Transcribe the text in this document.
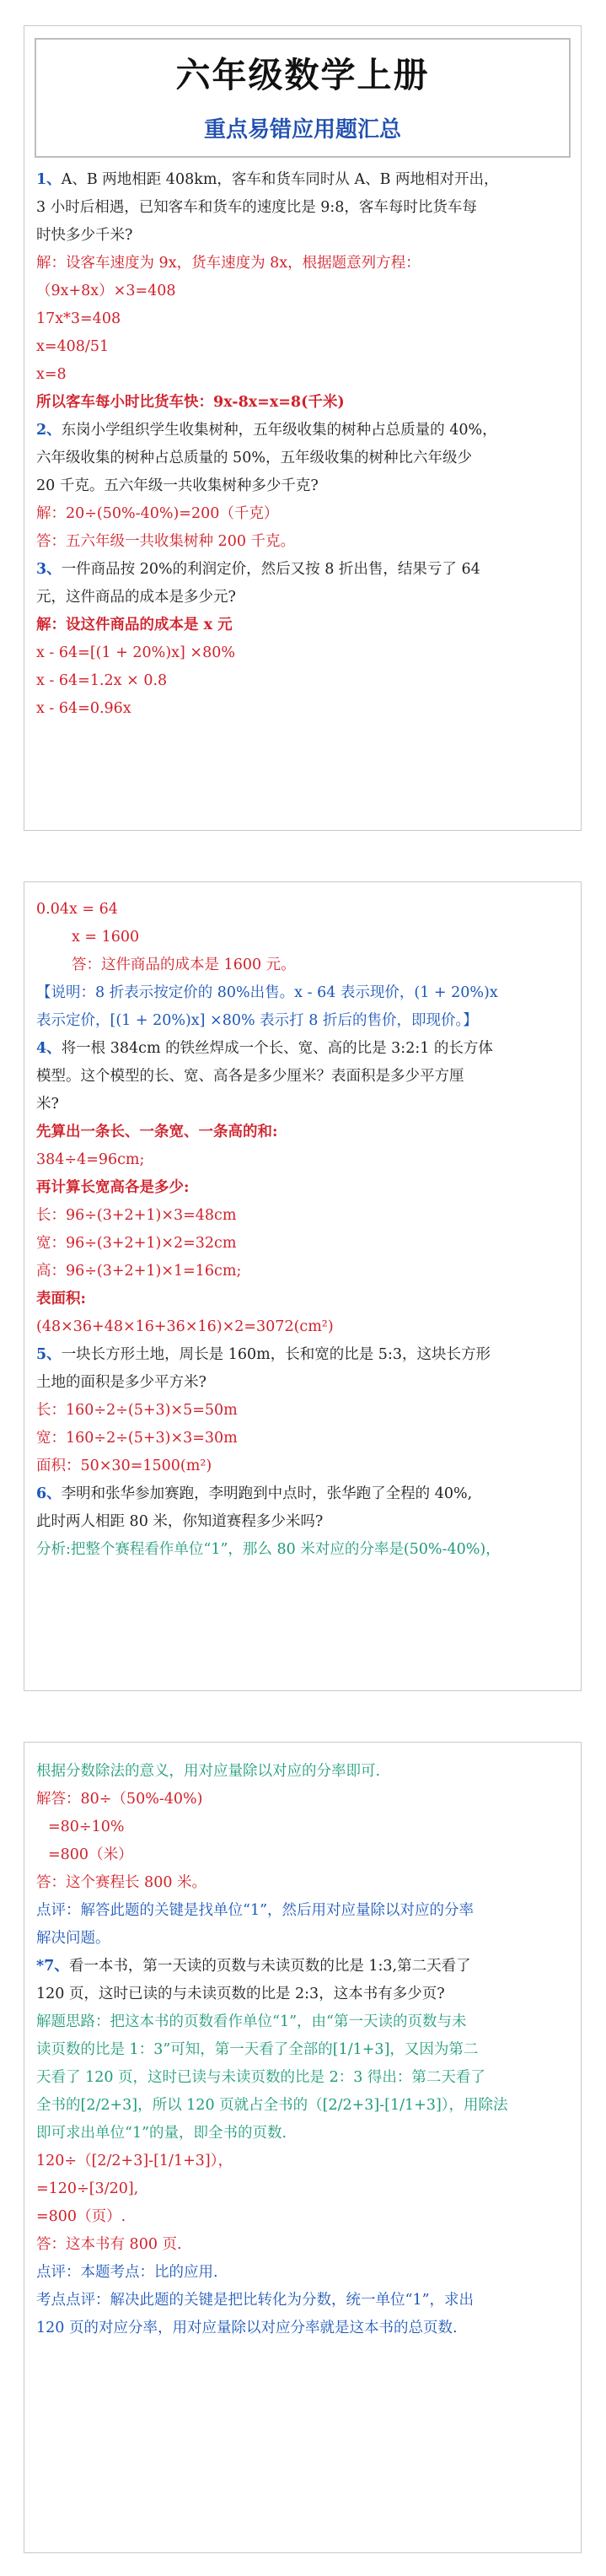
六年级数学上册
重点易错应用题汇总
1、A、B 两地相距 408km，客车和货车同时从 A、B 两地相对开出，
3 小时后相遇，已知客车和货车的速度比是 9:8，客车每时比货车每
时快多少千米?
解：设客车速度为 9x，货车速度为 8x，根据题意列方程：
（9x+8x）×3=408
17x*3=408
x=408/51
x=8
所以客车每小时比货车快：9x-8x=x=8(千米)
2、东岗小学组织学生收集树种，五年级收集的树种占总质量的 40%，
六年级收集的树种占总质量的 50%，五年级收集的树种比六年级少
20 千克。五六年级一共收集树种多少千克?
解：20÷(50%-40%)=200（千克）
答：五六年级一共收集树种 200 千克。
3、一件商品按 20%的利润定价，然后又按 8 折出售，结果亏了 64
元，这件商品的成本是多少元?
解：设这件商品的成本是 x 元
x - 64=[(1 + 20%)x] ×80%
x - 64=1.2x × 0.8
x - 64=0.96x
0.04x = 64
x = 1600
答：这件商品的成本是 1600 元。
【说明：8 折表示按定价的 80%出售。x - 64 表示现价，(1 + 20%)x
表示定价，[(1 + 20%)x] ×80% 表示打 8 折后的售价，即现价。】
4、将一根 384cm 的铁丝焊成一个长、宽、高的比是 3:2:1 的长方体
模型。这个模型的长、宽、高各是多少厘米？表面积是多少平方厘
米?
先算出一条长、一条宽、一条高的和:
384÷4=96cm;
再计算长宽高各是多少:
长：96÷(3+2+1)×3=48cm
宽：96÷(3+2+1)×2=32cm
高：96÷(3+2+1)×1=16cm;
表面积:
(48×36+48×16+36×16)×2=3072(cm²)
5、一块长方形土地，周长是 160m，长和宽的比是 5:3，这块长方形
土地的面积是多少平方米?
长：160÷2÷(5+3)×5=50m
宽：160÷2÷(5+3)×3=30m
面积：50×30=1500(m²)
6、李明和张华参加赛跑，李明跑到中点时，张华跑了全程的 40%,
此时两人相距 80 米，你知道赛程多少米吗?
分析:把整个赛程看作单位“1”，那么 80 米对应的分率是(50%-40%)，
根据分数除法的意义，用对应量除以对应的分率即可.
解答：80÷（50%-40%)
=80÷10%
=800（米）
答：这个赛程长 800 米。
点评：解答此题的关键是找单位“1”，然后用对应量除以对应的分率
解决问题。
*7、看一本书，第一天读的页数与未读页数的比是 1:3,第二天看了
120 页，这时已读的与未读页数的比是 2:3，这本书有多少页?
解题思路：把这本书的页数看作单位“1”，由“第一天读的页数与未
读页数的比是 1：3”可知，第一天看了全部的[1/1+3]，又因为第二
天看了 120 页，这时已读与未读页数的比是 2：3 得出：第二天看了
全书的[2/2+3]，所以 120 页就占全书的（[2/2+3]-[1/1+3]），用除法
即可求出单位“1”的量，即全书的页数.
120÷（[2/2+3]-[1/1+3]），
=120÷[3/20],
=800（页）.
答：这本书有 800 页.
点评：本题考点：比的应用.
考点点评：解决此题的关键是把比转化为分数，统一单位“1”，求出
120 页的对应分率，用对应量除以对应分率就是这本书的总页数.
